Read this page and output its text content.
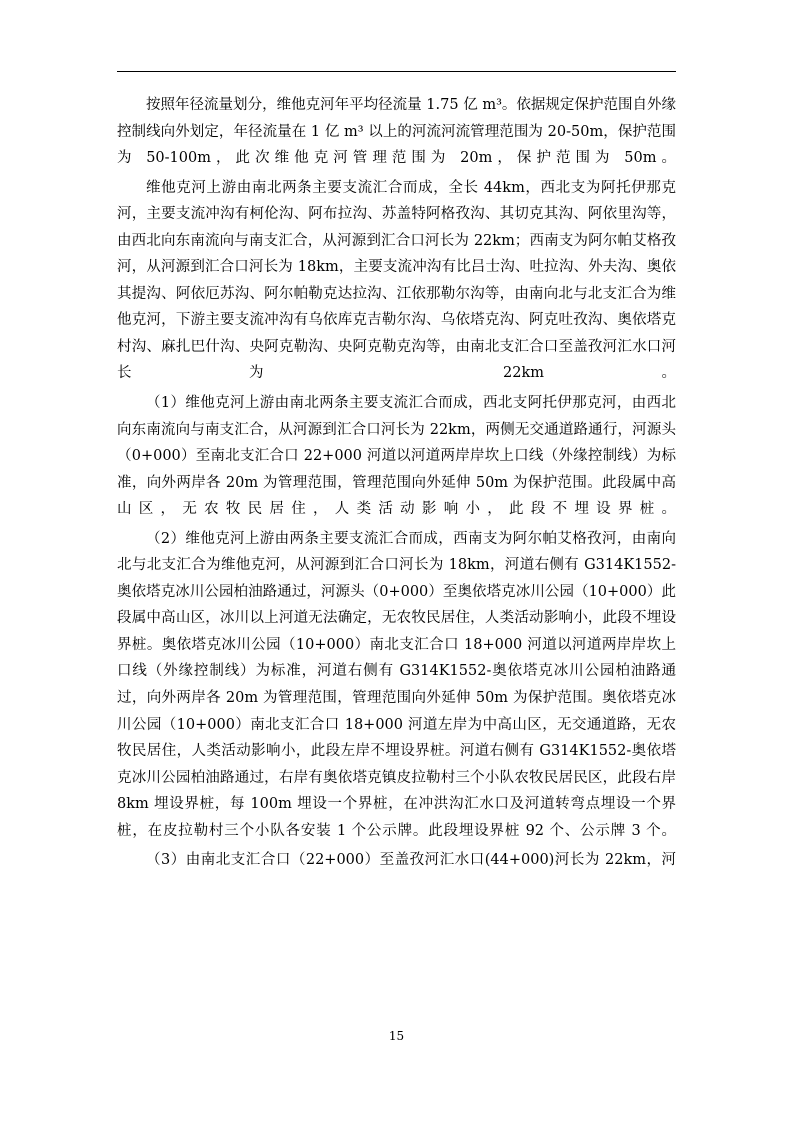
按照年径流量划分，维他克河年平均径流量 1.75 亿 m³。依据规定保护范围自外缘控制线向外划定，年径流量在 1 亿 m³ 以上的河流河流管理范围为 20-50m，保护范围为 50-100m，此次维他克河管理范围为 20m，保护范围为 50m。

维他克河上游由南北两条主要支流汇合而成，全长 44km，西北支为阿托伊那克河，主要支流冲沟有柯伦沟、阿布拉沟、苏盖特阿格孜沟、其切克其沟、阿依里沟等，由西北向东南流向与南支汇合，从河源到汇合口河长为 22km；西南支为阿尔帕艾格孜河，从河源到汇合口河长为 18km，主要支流冲沟有比吕士沟、吐拉沟、外夫沟、奥依其提沟、阿依厄苏沟、阿尔帕勒克达拉沟、江依那勒尔沟等，由南向北与北支汇合为维他克河，下游主要支流冲沟有乌依库克吉勒尔沟、乌依塔克沟、阿克吐孜沟、奥依塔克村沟、麻扎巴什沟、央阿克勒沟、央阿克勒克沟等，由南北支汇合口至盖孜河汇水口河长为 22km。

（1）维他克河上游由南北两条主要支流汇合而成，西北支阿托伊那克河，由西北向东南流向与南支汇合，从河源到汇合口河长为 22km，两侧无交通道路通行，河源头（0+000）至南北支汇合口 22+000 河道以河道两岸岸坎上口线（外缘控制线）为标准，向外两岸各 20m 为管理范围，管理范围向外延伸 50m 为保护范围。此段属中高山区，无农牧民居住，人类活动影响小，此段不埋设界桩。

（2）维他克河上游由两条主要支流汇合而成，西南支为阿尔帕艾格孜河，由南向北与北支汇合为维他克河，从河源到汇合口河长为 18km，河道右侧有 G314K1552-奥依塔克冰川公园柏油路通过，河源头（0+000）至奥依塔克冰川公园（10+000）此段属中高山区，冰川以上河道无法确定，无农牧民居住，人类活动影响小，此段不埋设界桩。奥依塔克冰川公园（10+000）南北支汇合口 18+000 河道以河道两岸岸坎上口线（外缘控制线）为标准，河道右侧有 G314K1552-奥依塔克冰川公园柏油路通过，向外两岸各 20m 为管理范围，管理范围向外延伸 50m 为保护范围。奥依塔克冰川公园（10+000）南北支汇合口 18+000 河道左岸为中高山区，无交通道路，无农牧民居住，人类活动影响小，此段左岸不埋设界桩。河道右侧有 G314K1552-奥依塔克冰川公园柏油路通过，右岸有奥依塔克镇皮拉勒村三个小队农牧民居民区，此段右岸 8km 埋设界桩，每 100m 埋设一个界桩，在冲洪沟汇水口及河道转弯点埋设一个界桩，在皮拉勒村三个小队各安装 1 个公示牌。此段埋设界桩 92 个、公示牌 3 个。

（3）由南北支汇合口（22+000）至盖孜河汇水口(44+000)河长为 22km，河

15
